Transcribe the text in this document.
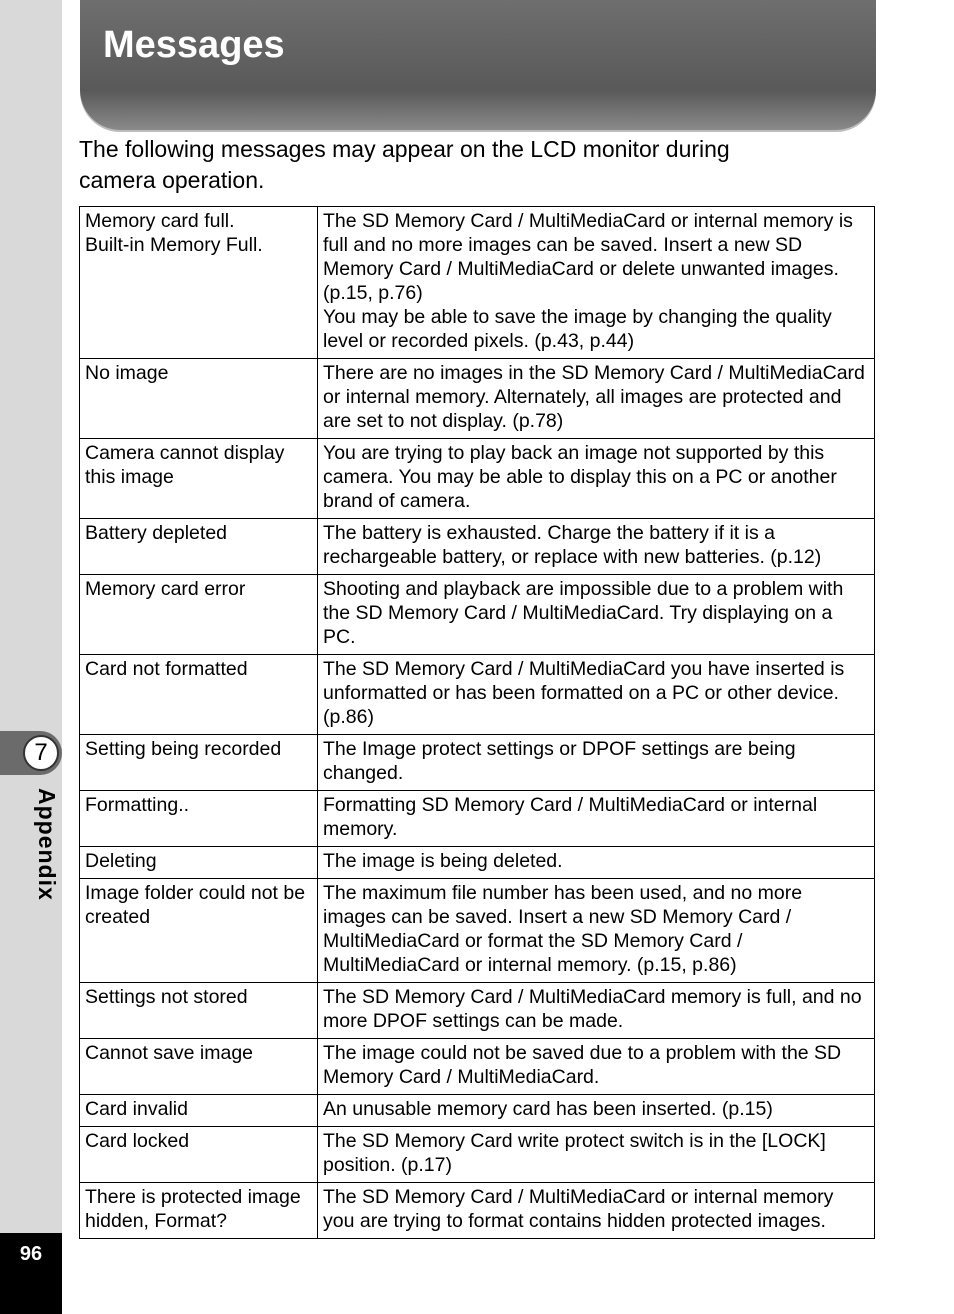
7
Appendix
96
Messages

The following messages may appear on the LCD monitor during
camera operation.

Memory card full.
Built-in Memory Full.	The SD Memory Card / MultiMediaCard or internal memory is full and no more images can be saved. Insert a new SD Memory Card / MultiMediaCard or delete unwanted images. (p.15, p.76)
You may be able to save the image by changing the quality level or recorded pixels. (p.43, p.44)
No image	There are no images in the SD Memory Card / MultiMediaCard or internal memory. Alternately, all images are protected and are set to not display. (p.78)
Camera cannot display this image	You are trying to play back an image not supported by this camera. You may be able to display this on a PC or another brand of camera.
Battery depleted	The battery is exhausted. Charge the battery if it is a rechargeable battery, or replace with new batteries. (p.12)
Memory card error	Shooting and playback are impossible due to a problem with the SD Memory Card / MultiMediaCard. Try displaying on a PC.
Card not formatted	The SD Memory Card / MultiMediaCard you have inserted is unformatted or has been formatted on a PC or other device. (p.86)
Setting being recorded	The Image protect settings or DPOF settings are being changed.
Formatting..	Formatting SD Memory Card / MultiMediaCard or internal memory.
Deleting	The image is being deleted.
Image folder could not be created	The maximum file number has been used, and no more images can be saved. Insert a new SD Memory Card / MultiMediaCard or format the SD Memory Card / MultiMediaCard or internal memory. (p.15, p.86)
Settings not stored	The SD Memory Card / MultiMediaCard memory is full, and no more DPOF settings can be made.
Cannot save image	The image could not be saved due to a problem with the SD Memory Card / MultiMediaCard.
Card invalid	An unusable memory card has been inserted. (p.15)
Card locked	The SD Memory Card write protect switch is in the [LOCK] position. (p.17)
There is protected image hidden, Format?	The SD Memory Card / MultiMediaCard or internal memory you are trying to format contains hidden protected images.
